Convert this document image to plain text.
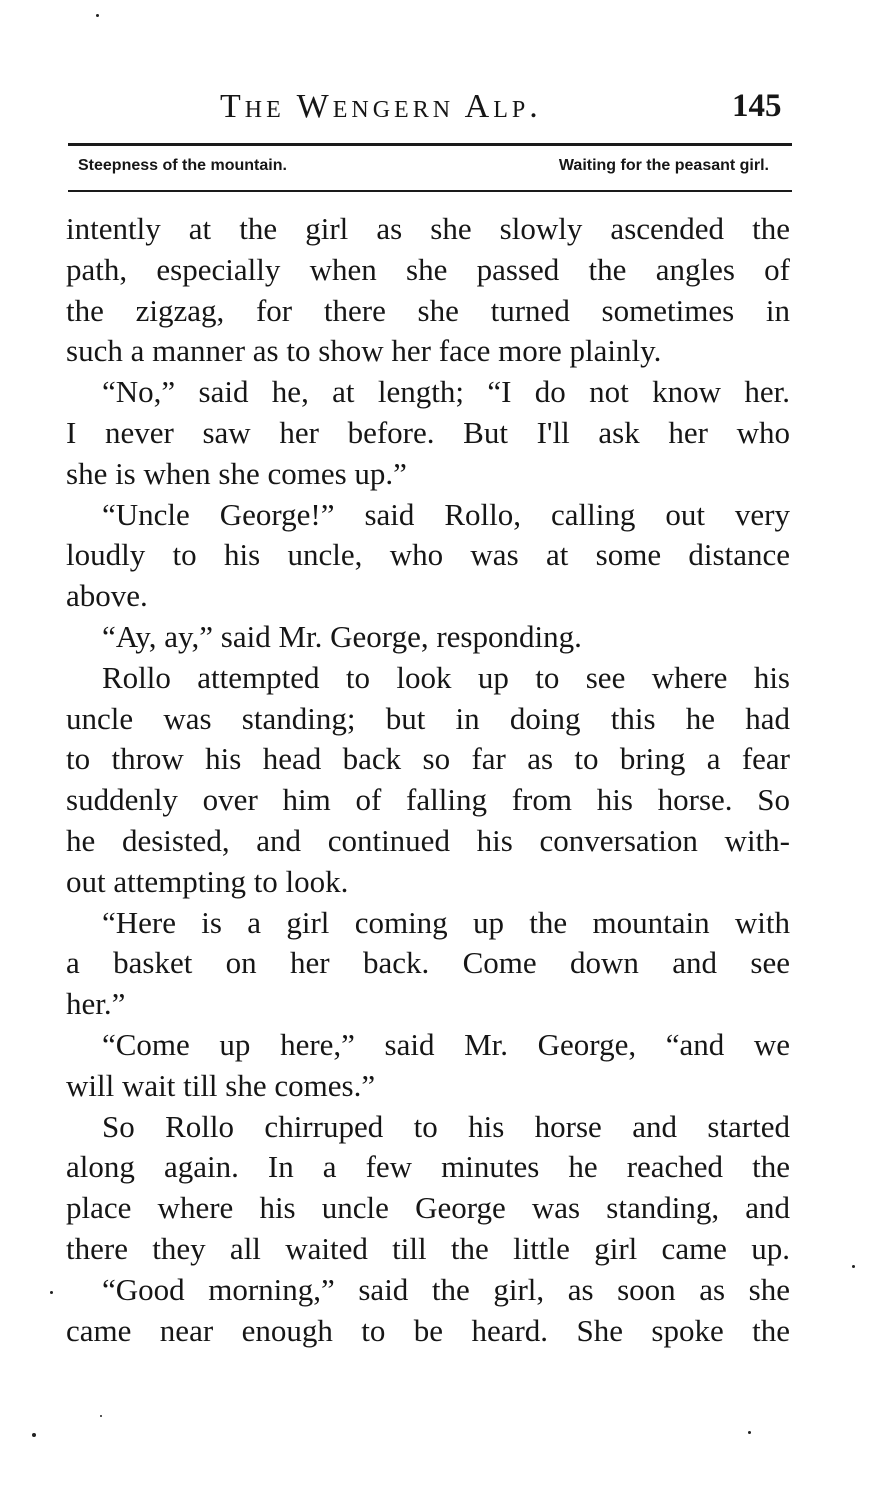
The Wengern Alp.	145
Steepness of the mountain.	Waiting for the peasant girl.
intently at the girl as she slowly ascended the
path, especially when she passed the angles of
the zigzag, for there she turned sometimes in
such a manner as to show her face more plainly.
“No,” said he, at length; “I do not know her.
I never saw her before. But I'll ask her who
she is when she comes up.”
“Uncle George!” said Rollo, calling out very
loudly to his uncle, who was at some distance
above.
“Ay, ay,” said Mr. George, responding.
Rollo attempted to look up to see where his
uncle was standing; but in doing this he had
to throw his head back so far as to bring a fear
suddenly over him of falling from his horse. So
he desisted, and continued his conversation with-
out attempting to look.
“Here is a girl coming up the mountain with
a basket on her back. Come down and see
her.”
“Come up here,” said Mr. George, “and we
will wait till she comes.”
So Rollo chirruped to his horse and started
along again. In a few minutes he reached the
place where his uncle George was standing, and
there they all waited till the little girl came up.
“Good morning,” said the girl, as soon as she
came near enough to be heard. She spoke the
